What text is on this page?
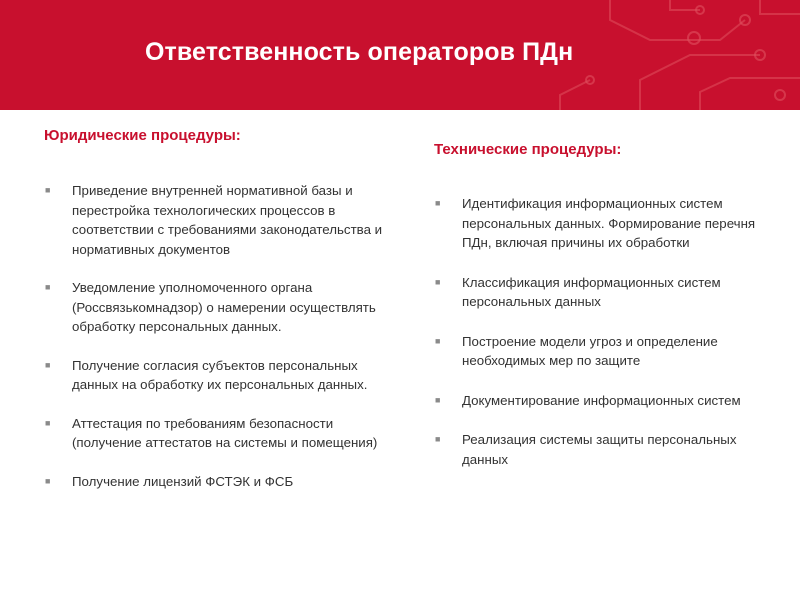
Ответственность операторов ПДн
Юридические процедуры:
■ Приведение внутренней нормативной базы и перестройка технологических процессов в соответствии с требованиями законодательства и нормативных документов
■ Уведомление уполномоченного органа (Россвязькомнадзор) о намерении осуществлять обработку персональных данных.
■ Получение согласия субъектов персональных данных на обработку их персональных данных.
■ Аттестация по требованиям безопасности (получение аттестатов на системы и помещения)
■ Получение лицензий ФСТЭК и ФСБ
Технические процедуры:
■ Идентификация информационных систем персональных данных. Формирование перечня ПДн, включая причины их обработки
■ Классификация информационных систем персональных данных
■ Построение модели угроз и определение необходимых мер по защите
■ Документирование информационных систем
■ Реализация системы защиты персональных данных
